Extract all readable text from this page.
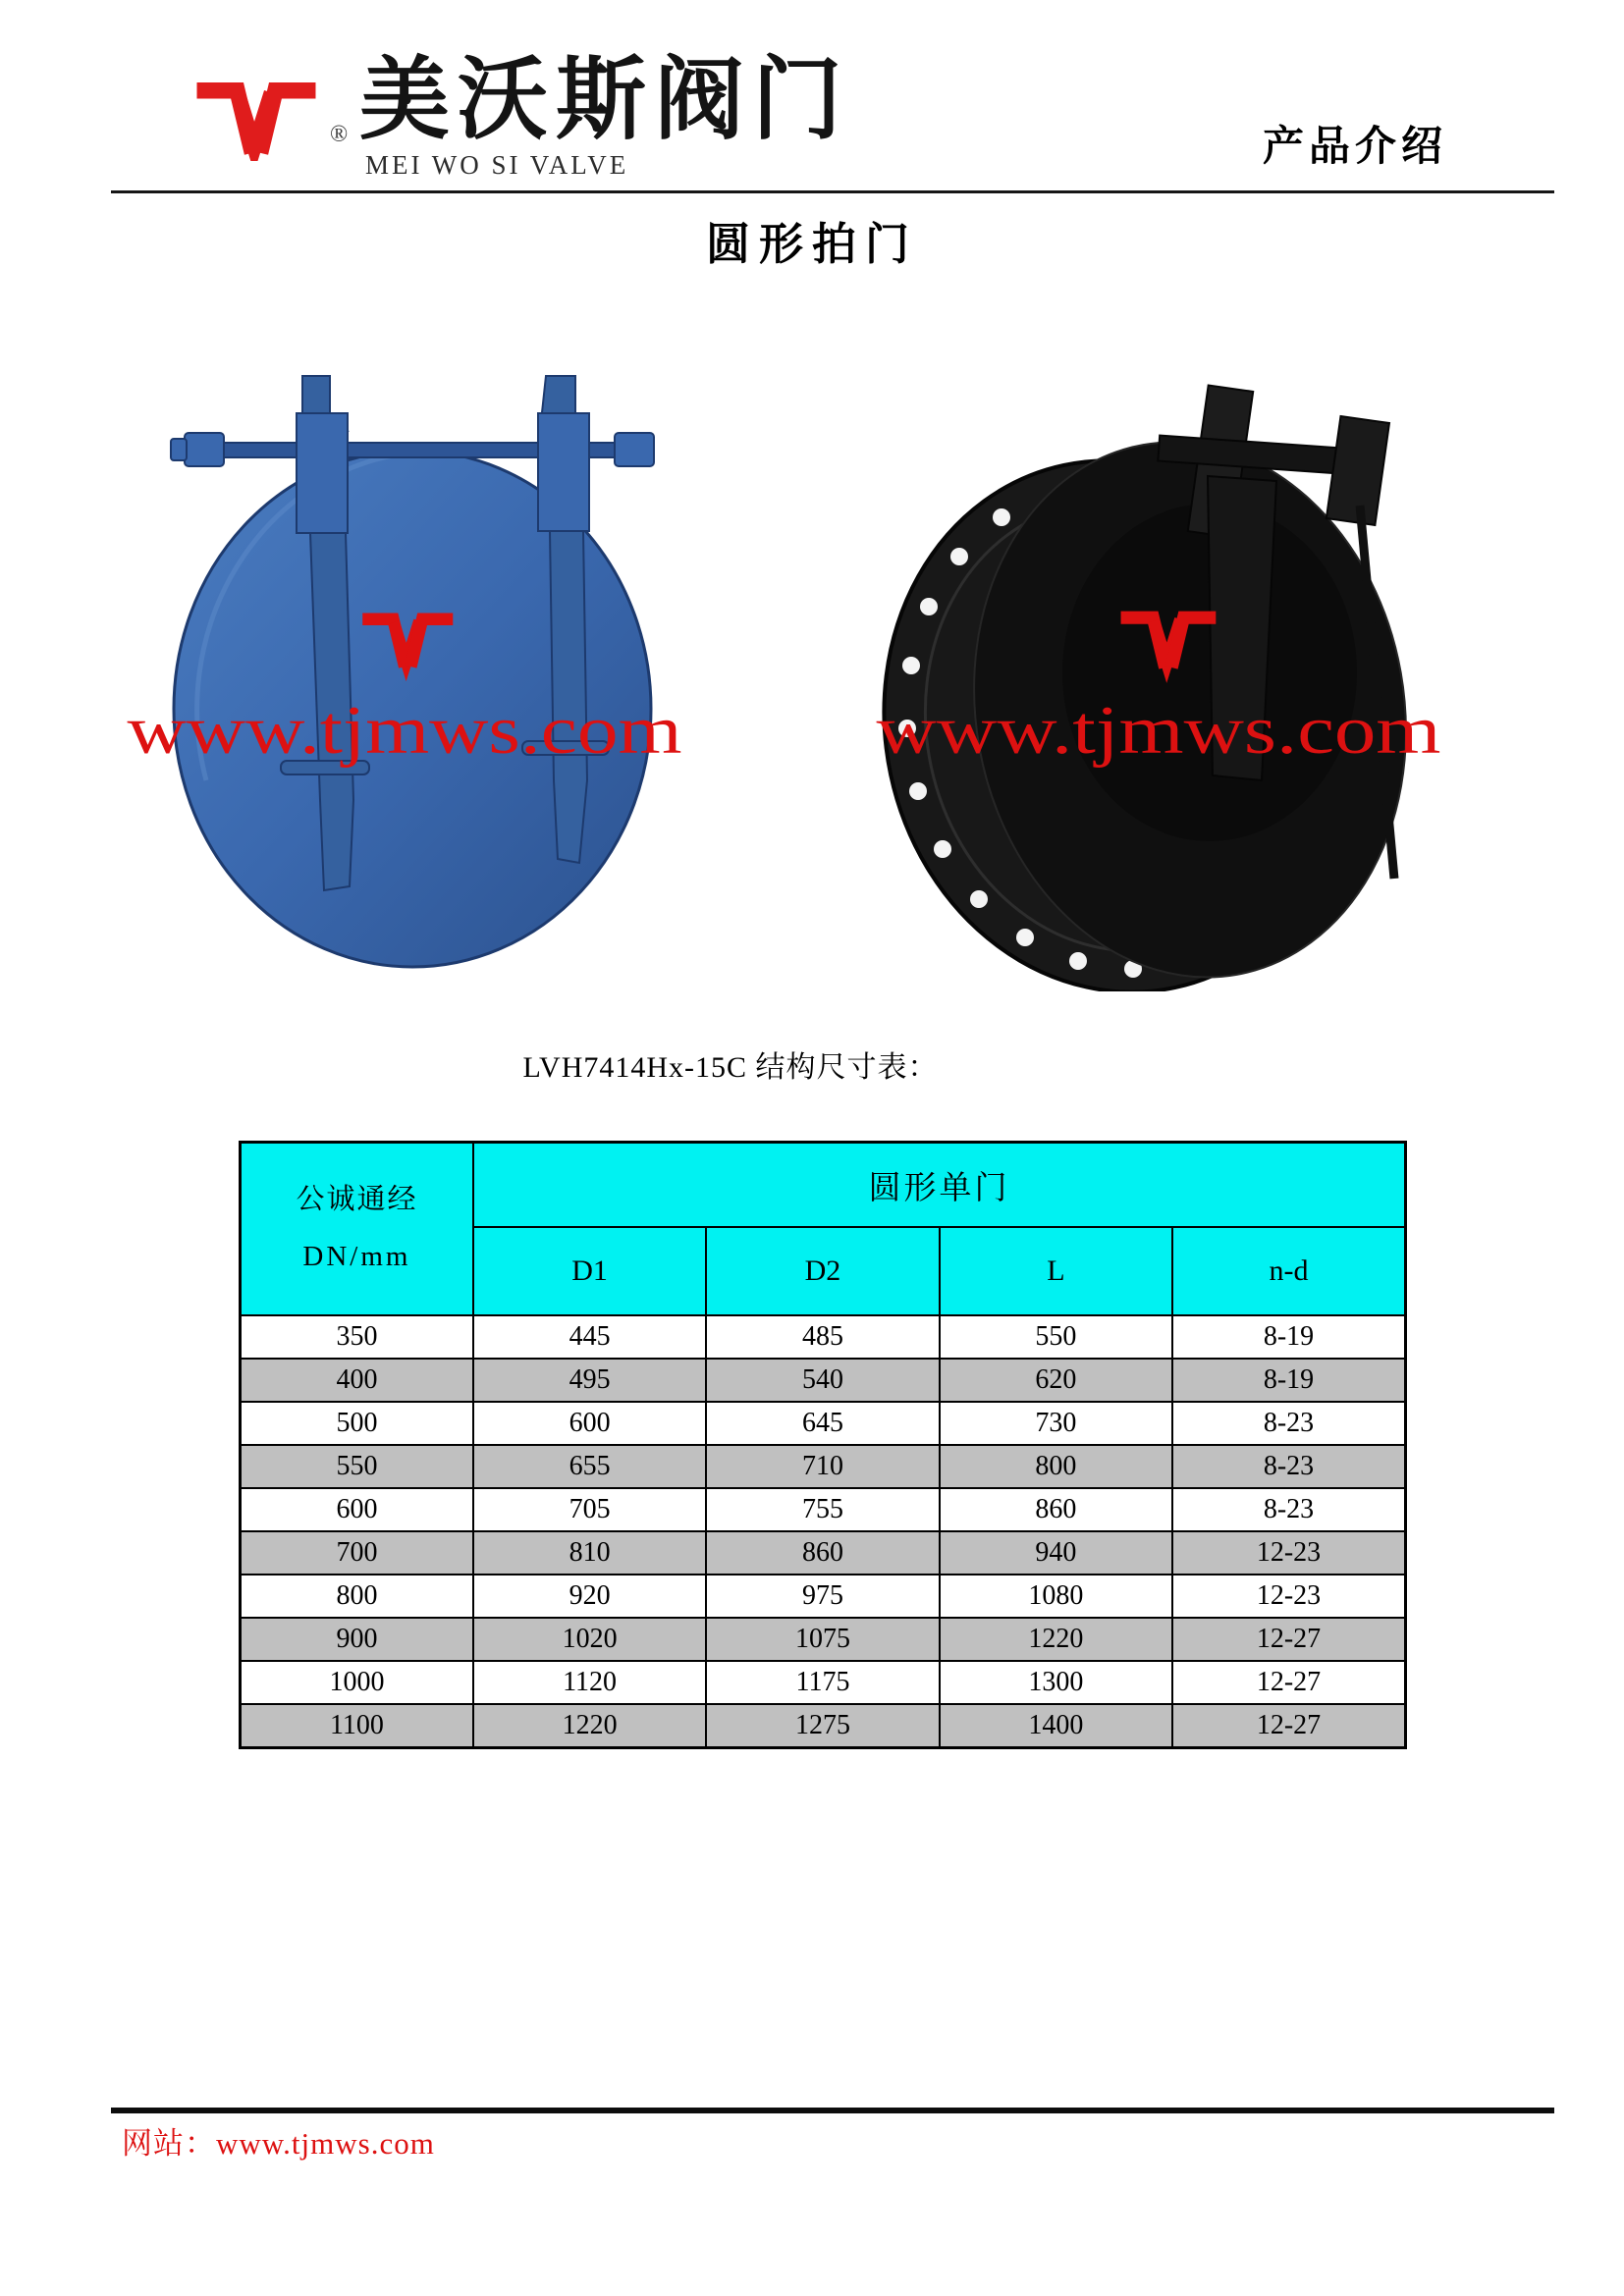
® 美沃斯阀门
MEI WO SI VALVE	产品介绍
圆形拍门
www.tjmws.com	www.tjmws.com
LVH7414Hx-15C 结构尺寸表：
公诚通经
DN/mm	圆形单门			
	D1	D2	L	n-d
350	445	485	550	8-19
400	495	540	620	8-19
500	600	645	730	8-23
550	655	710	800	8-23
600	705	755	860	8-23
700	810	860	940	12-23
800	920	975	1080	12-23
900	1020	1075	1220	12-27
1000	1120	1175	1300	12-27
1100	1220	1275	1400	12-27
网站：www.tjmws.com
